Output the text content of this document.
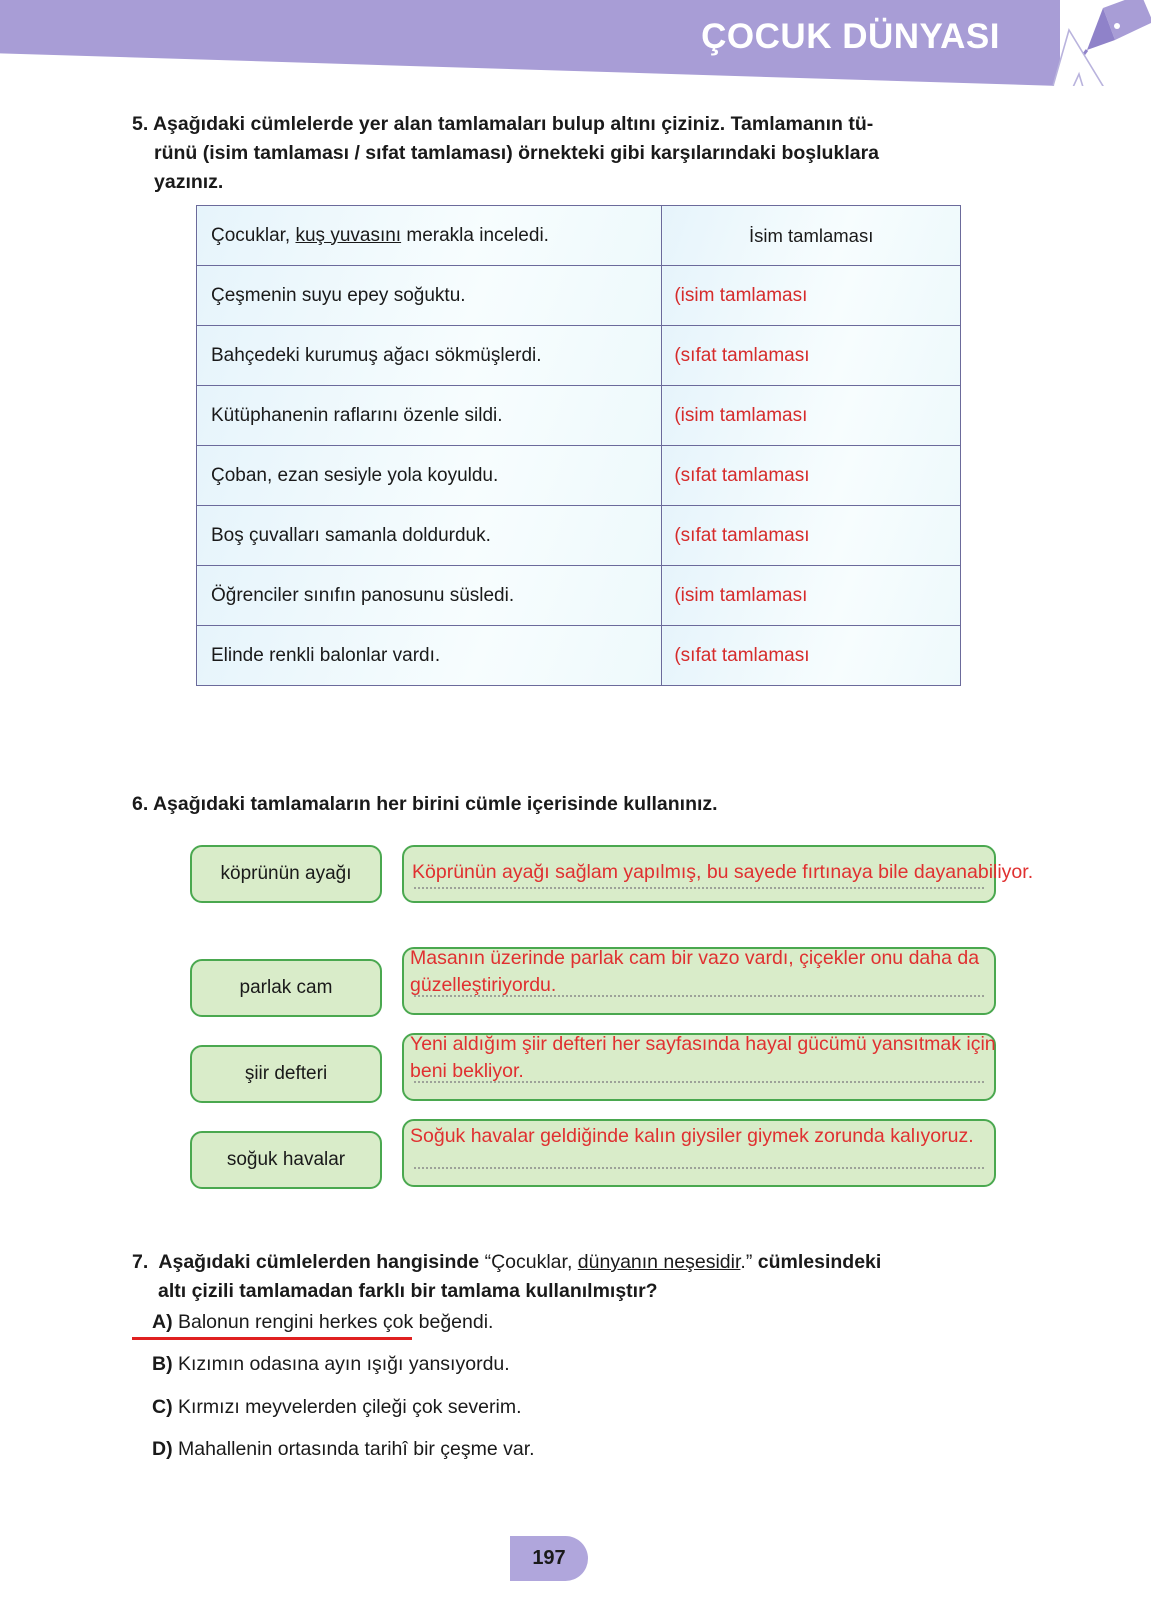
ÇOCUK DÜNYASI
5. Aşağıdaki cümlelerde yer alan tamlamaları bulup altını çiziniz. Tamlamanın tü-
rünü (isim tamlaması / sıfat tamlaması) örnekteki gibi karşılarındaki boşluklara
yazınız.
Çocuklar, kuş yuvasını merakla inceledi.	İsim tamlaması
Çeşmenin suyu epey soğuktu.	(isim tamlaması
Bahçedeki kurumuş ağacı sökmüşlerdi.	(sıfat tamlaması
Kütüphanenin raflarını özenle sildi.	(isim tamlaması
Çoban, ezan sesiyle yola koyuldu.	(sıfat tamlaması
Boş çuvalları samanla doldurduk.	(sıfat tamlaması
Öğrenciler sınıfın panosunu süsledi.	(isim tamlaması
Elinde renkli balonlar vardı.	(sıfat tamlaması
6. Aşağıdaki tamlamaların her birini cümle içerisinde kullanınız.
köprünün ayağı	Köprünün ayağı sağlam yapılmış, bu sayede fırtınaya bile dayanabiliyor.
parlak cam
Masanın üzerinde parlak cam bir vazo vardı, çiçekler onu daha da güzelleştiriyordu.
şiir defteri
Yeni aldığım şiir defteri her sayfasında hayal gücümü yansıtmak için beni bekliyor.
soğuk havalar
Soğuk havalar geldiğinde kalın giysiler giymek zorunda kalıyoruz.
7. Aşağıdaki cümlelerden hangisinde “Çocuklar, dünyanın neşesidir.” cümlesindeki
altı çizili tamlamadan farklı bir tamlama kullanılmıştır?
A) Balonun rengini herkes çok beğendi.
B) Kızımın odasına ayın ışığı yansıyordu.
C) Kırmızı meyvelerden çileği çok severim.
D) Mahallenin ortasında tarihî bir çeşme var.
197
